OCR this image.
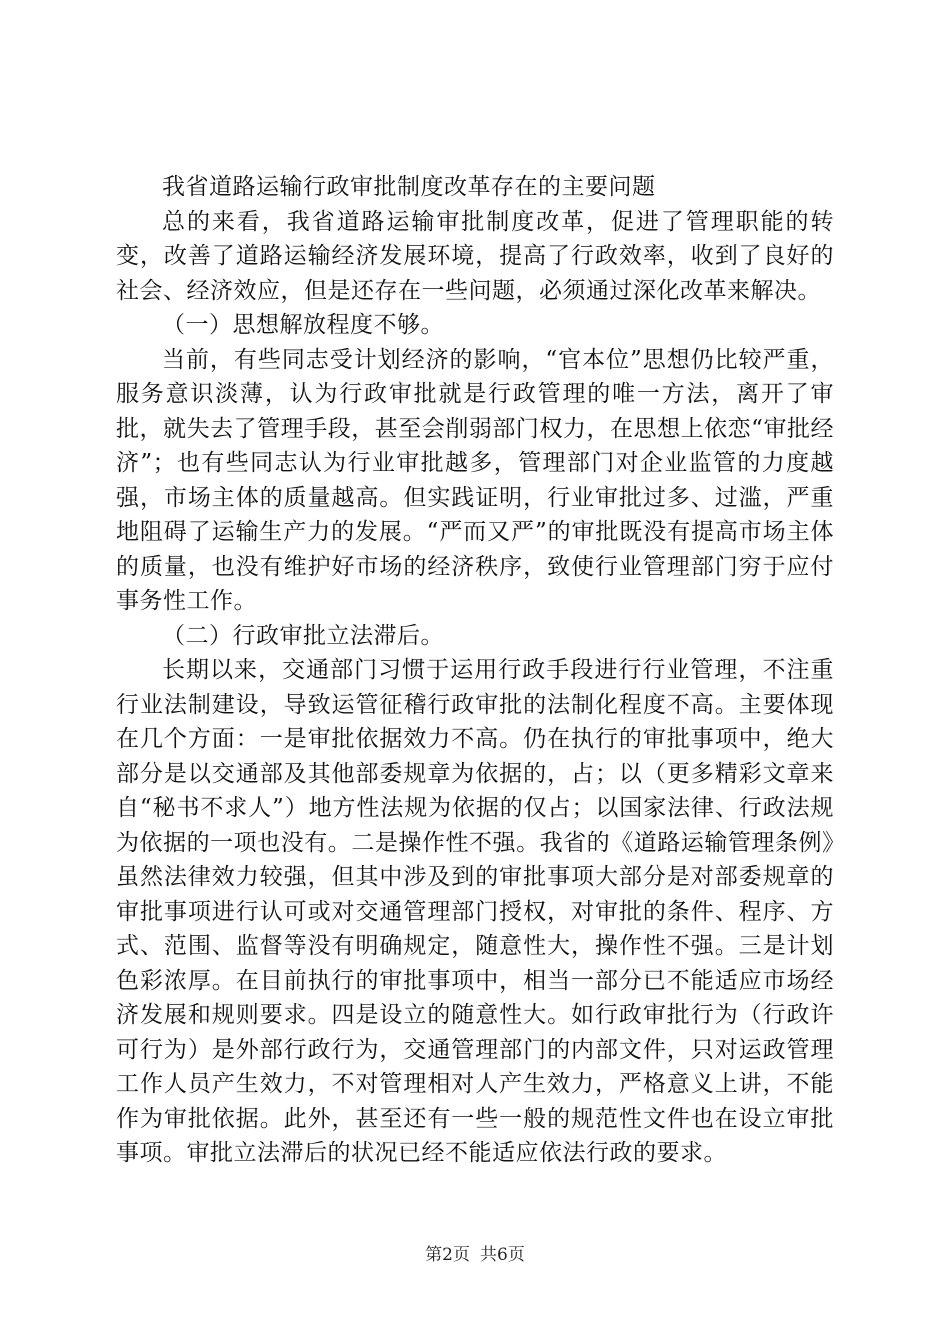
我省道路运输行政审批制度改革存在的主要问题

总的来看，我省道路运输审批制度改革，促进了管理职能的转变，改善了道路运输经济发展环境，提高了行政效率，收到了良好的社会、经济效应，但是还存在一些问题，必须通过深化改革来解决。

（一）思想解放程度不够。

当前，有些同志受计划经济的影响，“官本位”思想仍比较严重，服务意识淡薄，认为行政审批就是行政管理的唯一方法，离开了审批，就失去了管理手段，甚至会削弱部门权力，在思想上依恋“审批经济”；也有些同志认为行业审批越多，管理部门对企业监管的力度越强，市场主体的质量越高。但实践证明，行业审批过多、过滥，严重地阻碍了运输生产力的发展。“严而又严”的审批既没有提高市场主体的质量，也没有维护好市场的经济秩序，致使行业管理部门穷于应付事务性工作。

（二）行政审批立法滞后。

长期以来，交通部门习惯于运用行政手段进行行业管理，不注重行业法制建设，导致运管征稽行政审批的法制化程度不高。主要体现在几个方面：一是审批依据效力不高。仍在执行的审批事项中，绝大部分是以交通部及其他部委规章为依据的，占；以（更多精彩文章来自“秘书不求人”）地方性法规为依据的仅占；以国家法律、行政法规为依据的一项也没有。二是操作性不强。我省的《道路运输管理条例》虽然法律效力较强，但其中涉及到的审批事项大部分是对部委规章的审批事项进行认可或对交通管理部门授权，对审批的条件、程序、方式、范围、监督等没有明确规定，随意性大，操作性不强。三是计划色彩浓厚。在目前执行的审批事项中，相当一部分已不能适应市场经济发展和规则要求。四是设立的随意性大。如行政审批行为（行政许可行为）是外部行政行为，交通管理部门的内部文件，只对运政管理工作人员产生效力，不对管理相对人产生效力，严格意义上讲，不能作为审批依据。此外，甚至还有一些一般的规范性文件也在设立审批事项。审批立法滞后的状况已经不能适应依法行政的要求。

第2页 共6页
